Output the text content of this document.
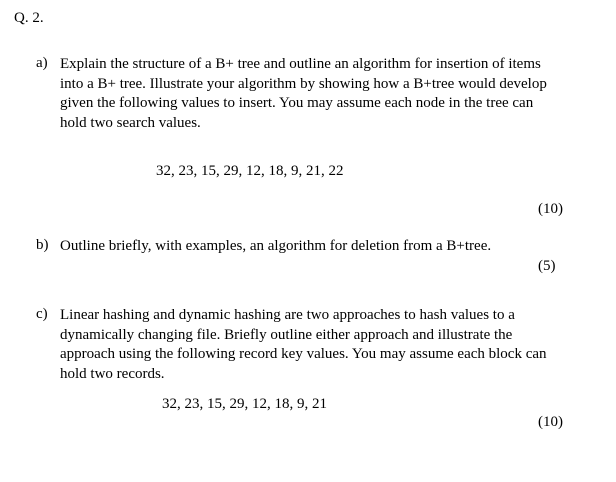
Q. 2.
a) Explain the structure of a B+ tree and outline an algorithm for insertion of items
into a B+ tree. Illustrate your algorithm by showing how a B+tree would develop
given the following values to insert. You may assume each node in the tree can
hold two search values.
32, 23, 15, 29, 12, 18, 9, 21, 22
(10)
b) Outline briefly, with examples, an algorithm for deletion from a B+tree.
(5)
c) Linear hashing and dynamic hashing are two approaches to hash values to a
dynamically changing file. Briefly outline either approach and illustrate the
approach using the following record key values. You may assume each block can
hold two records.
32, 23, 15, 29, 12, 18, 9, 21
(10)
